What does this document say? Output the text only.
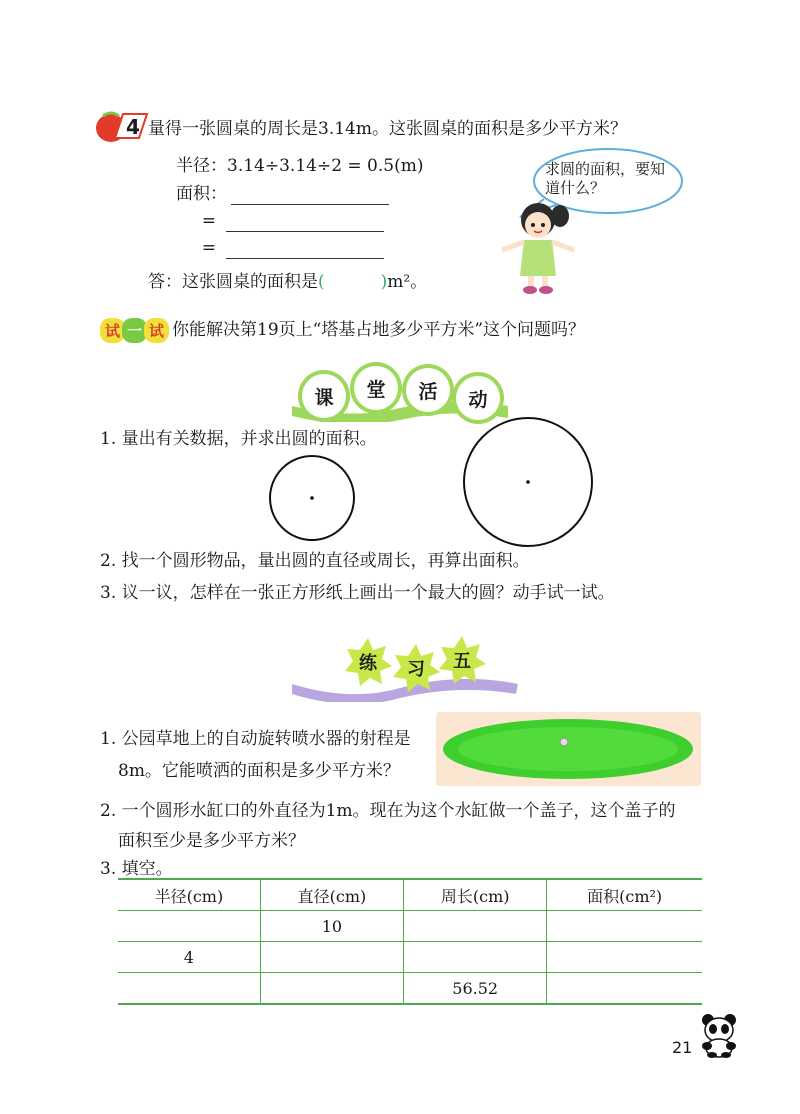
4 量得一张圆桌的周长是3.14m。这张圆桌的面积是多少平方米？
半径：3.14÷3.14÷2 = 0.5(m)
面积：
=
=
答：这张圆桌的面积是(	)m²。
求圆的面积，要知道什么？
试 一 试 你能解决第19页上“塔基占地多少平方米”这个问题吗？
课	堂	活	动
1. 量出有关数据，并求出圆的面积。
2. 找一个圆形物品，量出圆的直径或周长，再算出面积。
3. 议一议，怎样在一张正方形纸上画出一个最大的圆？动手试一试。
练	习	五
1. 公园草地上的自动旋转喷水器的射程是
8m。它能喷洒的面积是多少平方米？
2. 一个圆形水缸口的外直径为1m。现在为这个水缸做一个盖子，这个盖子的
面积至少是多少平方米？
3. 填空。
半径(cm)	直径(cm)	周长(cm)	面积(cm²)
	10		
4			
		56.52	
21
